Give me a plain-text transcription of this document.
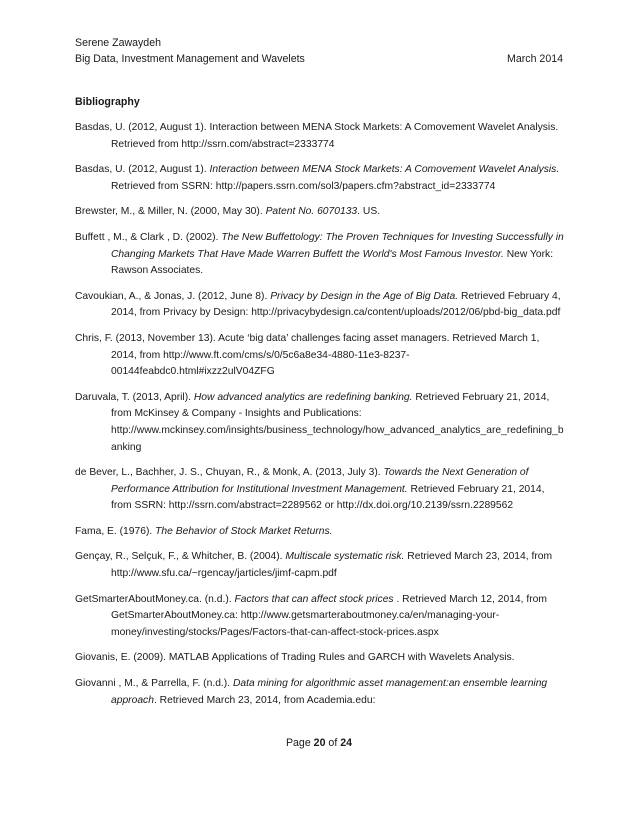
Serene Zawaydeh
Big Data, Investment Management and Wavelets	March 2014
Bibliography

Basdas, U. (2012, August 1). Interaction between MENA Stock Markets: A Comovement Wavelet Analysis. Retrieved from http://ssrn.com/abstract=2333774

Basdas, U. (2012, August 1). Interaction between MENA Stock Markets: A Comovement Wavelet Analysis. Retrieved from SSRN: http://papers.ssrn.com/sol3/papers.cfm?abstract_id=2333774

Brewster, M., & Miller, N. (2000, May 30). Patent No. 6070133. US.

Buffett , M., & Clark , D. (2002). The New Buffettology: The Proven Techniques for Investing Successfully in Changing Markets That Have Made Warren Buffett the World's Most Famous Investor. New York: Rawson Associates.

Cavoukian, A., & Jonas, J. (2012, June 8). Privacy by Design in the Age of Big Data. Retrieved February 4, 2014, from Privacy by Design: http://privacybydesign.ca/content/uploads/2012/06/pbd-big_data.pdf

Chris, F. (2013, November 13). Acute ‘big data’ challenges facing asset managers. Retrieved March 1, 2014, from http://www.ft.com/cms/s/0/5c6a8e34-4880-11e3-8237-00144feabdc0.html#ixzz2ulV04ZFG

Daruvala, T. (2013, April). How advanced analytics are redefining banking. Retrieved February 21, 2014, from McKinsey & Company - Insights and Publications: http://www.mckinsey.com/insights/business_technology/how_advanced_analytics_are_redefining_banking

de Bever, L., Bachher, J. S., Chuyan, R., & Monk, A. (2013, July 3). Towards the Next Generation of Performance Attribution for Institutional Investment Management. Retrieved February 21, 2014, from SSRN: http://ssrn.com/abstract=2289562 or http://dx.doi.org/10.2139/ssrn.2289562

Fama, E. (1976). The Behavior of Stock Market Returns.

Gençay, R., Selçuk, F., & Whitcher, B. (2004). Multiscale systematic risk. Retrieved March 23, 2014, from http://www.sfu.ca/~rgencay/jarticles/jimf-capm.pdf

GetSmarterAboutMoney.ca. (n.d.). Factors that can affect stock prices . Retrieved March 12, 2014, from GetSmarterAboutMoney.ca: http://www.getsmarteraboutmoney.ca/en/managing-your-money/investing/stocks/Pages/Factors-that-can-affect-stock-prices.aspx

Giovanis, E. (2009). MATLAB Applications of Trading Rules and GARCH with Wavelets Analysis.

Giovanni , M., & Parrella, F. (n.d.). Data mining for algorithmic asset management:an ensemble learning approach. Retrieved March 23, 2014, from Academia.edu:

Page 20 of 24
